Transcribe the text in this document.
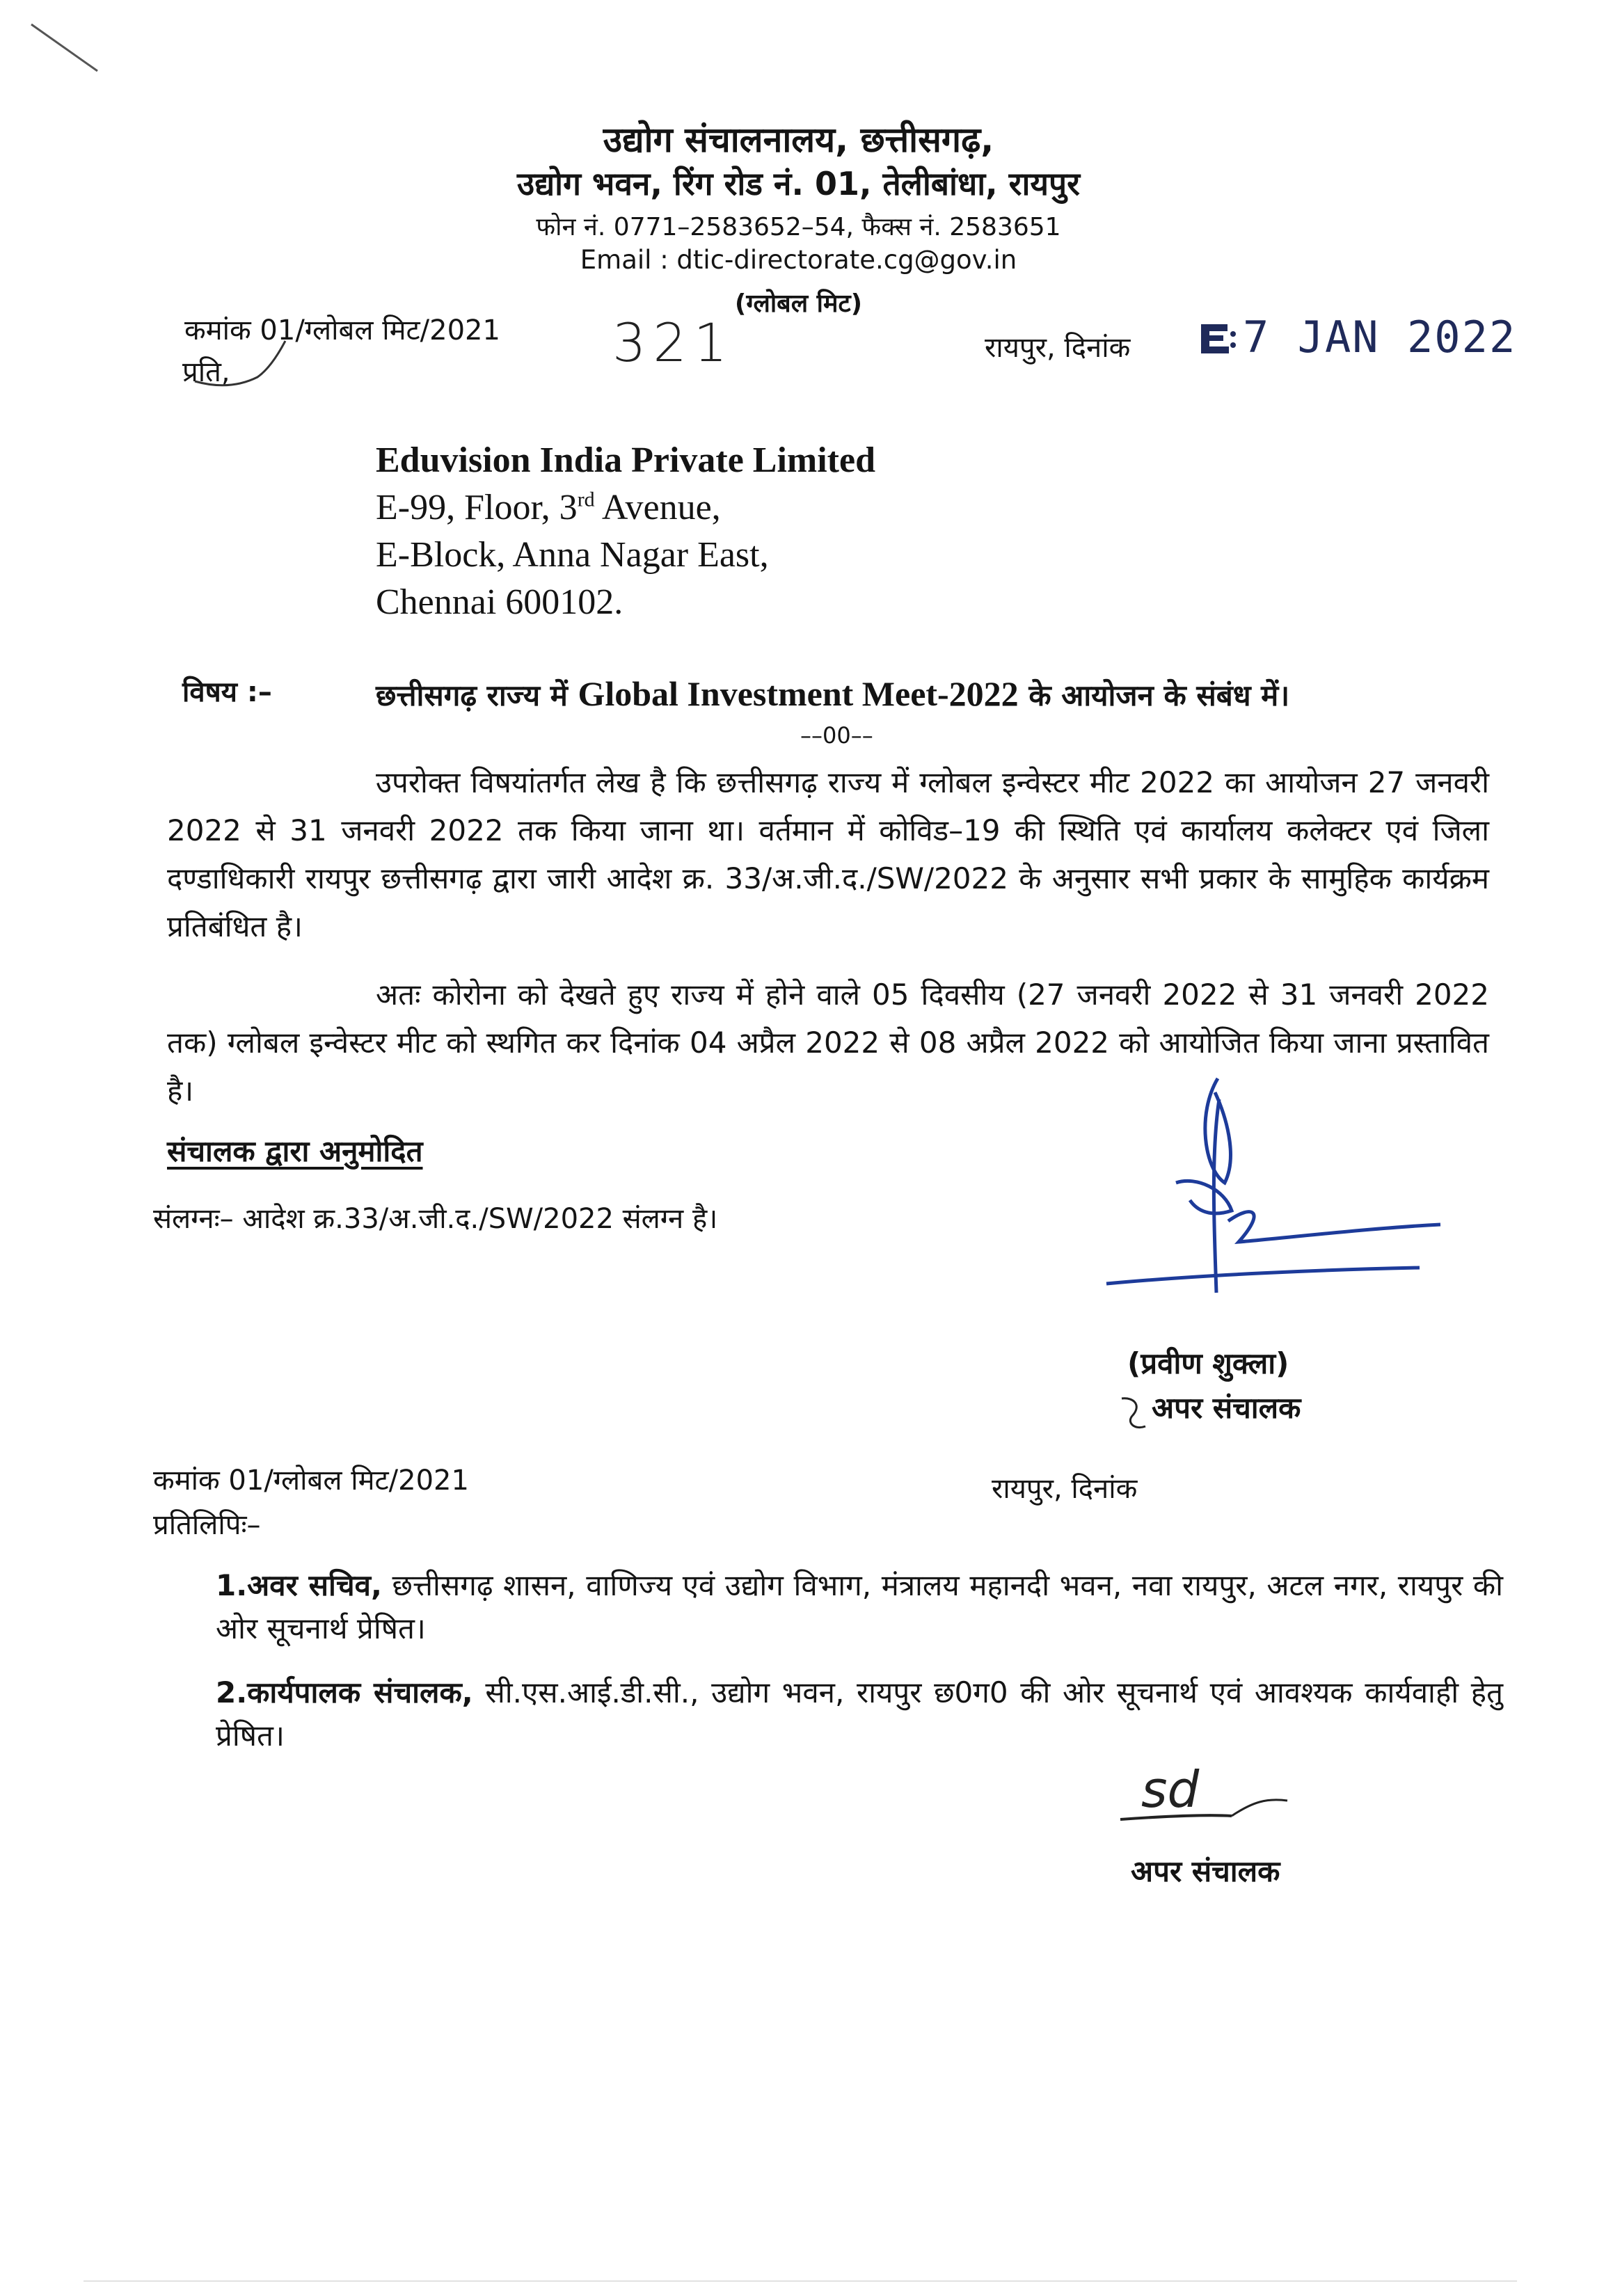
उद्योग संचालनालय, छत्तीसगढ़,
उद्योग भवन, रिंग रोड नं. 01, तेलीबांधा, रायपुर
फोन नं. 0771–2583652–54, फैक्स नं. 2583651
Email : dtic-directorate.cg@gov.in
(ग्लोबल मिट)
कमांक 01/ग्लोबल मिट/2021 321
प्रति,
रायपुर, दिनांक	7 JAN 2022
Eduvision India Private Limited
E-99, Floor, 3rd Avenue,
E-Block, Anna Nagar East,
Chennai 600102.
विषय :–	छत्तीसगढ़ राज्य में Global Investment Meet-2022 के आयोजन के संबंध में।
––00––
उपरोक्त विषयांतर्गत लेख है कि छत्तीसगढ़ राज्य में ग्लोबल इन्वेस्टर मीट 2022 का आयोजन 27 जनवरी 2022 से 31 जनवरी 2022 तक किया जाना था। वर्तमान में कोविड–19 की स्थिति एवं कार्यालय कलेक्टर एवं जिला दण्डाधिकारी रायपुर छत्तीसगढ़ द्वारा जारी आदेश क्र. 33/अ.जी.द./SW/2022 के अनुसार सभी प्रकार के सामुहिक कार्यक्रम प्रतिबंधित है।
अतः कोरोना को देखते हुए राज्य में होने वाले 05 दिवसीय (27 जनवरी 2022 से 31 जनवरी 2022 तक) ग्लोबल इन्वेस्टर मीट को स्थगित कर दिनांक 04 अप्रैल 2022 से 08 अप्रैल 2022 को आयोजित किया जाना प्रस्तावित है।
संचालक द्वारा अनुमोदित
संलग्नः– आदेश क्र.33/अ.जी.द./SW/2022 संलग्न है।
(प्रवीण शुक्ला)
अपर संचालक
कमांक 01/ग्लोबल मिट/2021	रायपुर, दिनांक
प्रतिलिपिः–
1.अवर सचिव, छत्तीसगढ़ शासन, वाणिज्य एवं उद्योग विभाग, मंत्रालय महानदी भवन, नवा रायपुर, अटल नगर, रायपुर की ओर सूचनार्थ प्रेषित।
2.कार्यपालक संचालक, सी.एस.आई.डी.सी., उद्योग भवन, रायपुर छ0ग0 की ओर सूचनार्थ एवं आवश्यक कार्यवाही हेतु प्रेषित।
sd
अपर संचालक
